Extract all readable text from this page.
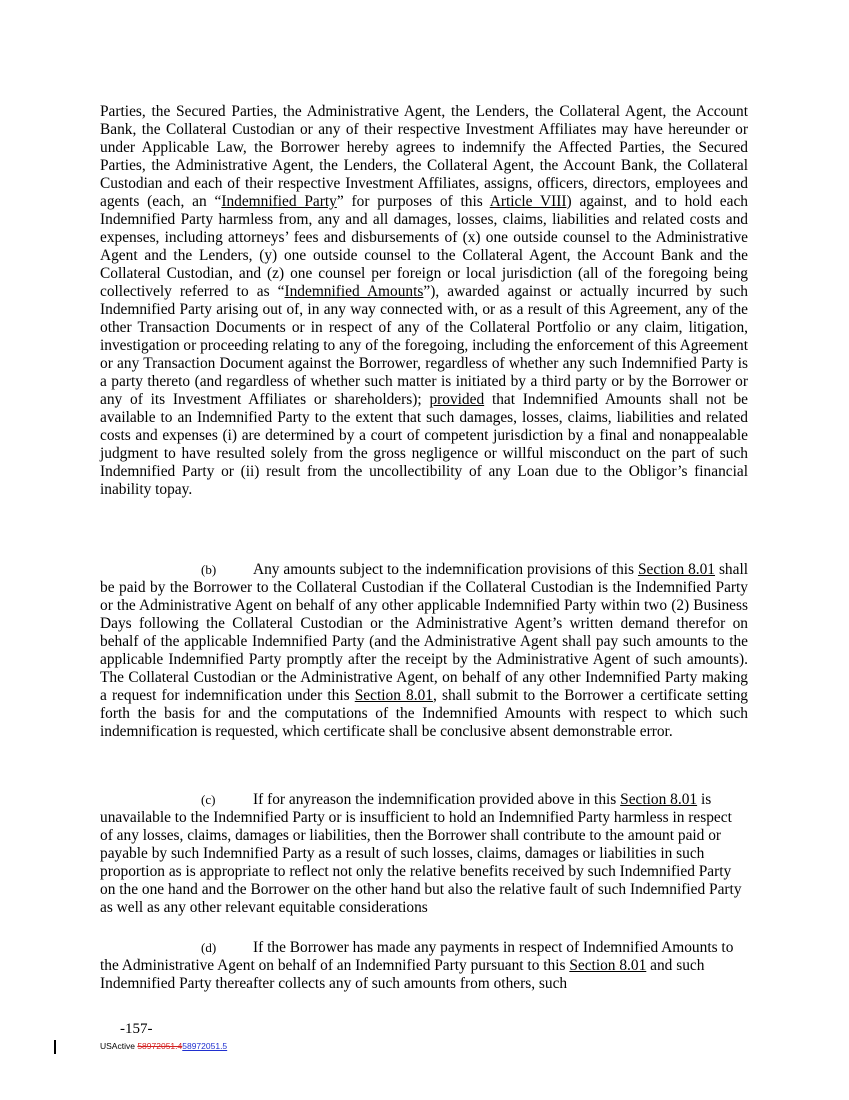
Parties, the Secured Parties, the Administrative Agent, the Lenders, the Collateral Agent, the Account Bank, the Collateral Custodian or any of their respective Investment Affiliates may have hereunder or under Applicable Law, the Borrower hereby agrees to indemnify the Affected Parties, the Secured Parties, the Administrative Agent, the Lenders, the Collateral Agent, the Account Bank, the Collateral Custodian and each of their respective Investment Affiliates, assigns, officers, directors, employees and agents (each, an “Indemnified Party” for purposes of this Article VIII) against, and to hold each Indemnified Party harmless from, any and all damages, losses, claims, liabilities and related costs and expenses, including attorneys’ fees and disbursements of (x) one outside counsel to the Administrative Agent and the Lenders, (y) one outside counsel to the Collateral Agent, the Account Bank and the Collateral Custodian, and (z) one counsel per foreign or local jurisdiction (all of the foregoing being collectively referred to as “Indemnified Amounts”), awarded against or actually incurred by such Indemnified Party arising out of, in any way connected with, or as a result of this Agreement, any of the other Transaction Documents or in respect of any of the Collateral Portfolio or any claim, litigation, investigation or proceeding relating to any of the foregoing, including the enforcement of this Agreement or any Transaction Document against the Borrower, regardless of whether any such Indemnified Party is a party thereto (and regardless of whether such matter is initiated by a third party or by the Borrower or any of its Investment Affiliates or shareholders); provided that Indemnified Amounts shall not be available to an Indemnified Party to the extent that such damages, losses, claims, liabilities and related costs and expenses (i) are determined by a court of competent jurisdiction by a final and nonappealable judgment to have resulted solely from the gross negligence or willful misconduct on the part of such Indemnified Party or (ii) result from the uncollectibility of any Loan due to the Obligor’s financial inability topay.

(b) Any amounts subject to the indemnification provisions of this Section 8.01 shall be paid by the Borrower to the Collateral Custodian if the Collateral Custodian is the Indemnified Party or the Administrative Agent on behalf of any other applicable Indemnified Party within two (2) Business Days following the Collateral Custodian or the Administrative Agent’s written demand therefor on behalf of the applicable Indemnified Party (and the Administrative Agent shall pay such amounts to the applicable Indemnified Party promptly after the receipt by the Administrative Agent of such amounts). The Collateral Custodian or the Administrative Agent, on behalf of any other Indemnified Party making a request for indemnification under this Section 8.01, shall submit to the Borrower a certificate setting forth the basis for and the computations of the Indemnified Amounts with respect to which such indemnification is requested, which certificate shall be conclusive absent demonstrable error.

(c) If for anyreason the indemnification provided above in this Section 8.01 is unavailable to the Indemnified Party or is insufficient to hold an Indemnified Party harmless in respect of any losses, claims, damages or liabilities, then the Borrower shall contribute to the amount paid or payable by such Indemnified Party as a result of such losses, claims, damages or liabilities in such proportion as is appropriate to reflect not only the relative benefits received by such Indemnified Party on the one hand and the Borrower on the other hand but also the relative fault of such Indemnified Party as well as any other relevant equitable considerations

(d) If the Borrower has made any payments in respect of Indemnified Amounts to the Administrative Agent on behalf of an Indemnified Party pursuant to this Section 8.01 and such Indemnified Party thereafter collects any of such amounts from others, such

-157-
USActive 58972051.458972051.5
